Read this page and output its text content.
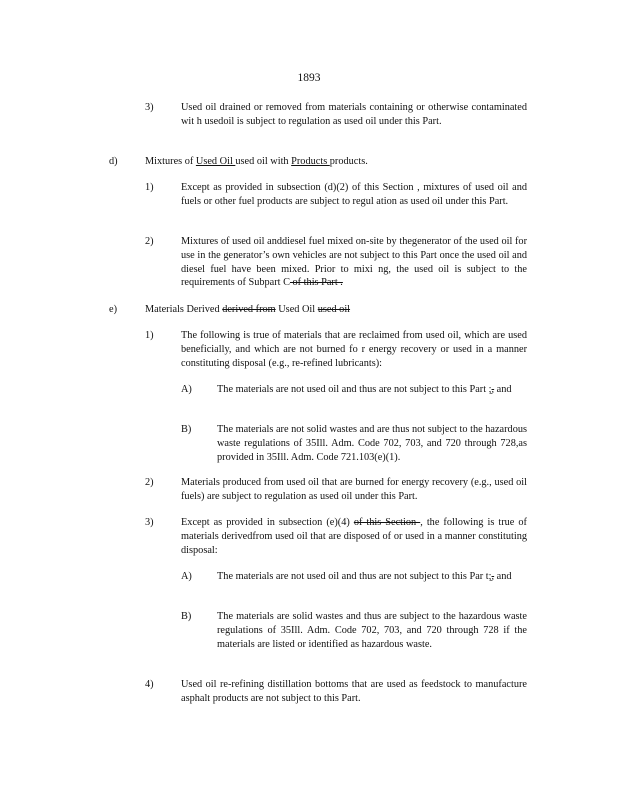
1893
3)	Used oil drained or removed from materials containing or otherwise contaminated wit h usedoil is subject to regulation as used oil under this Part.
d)	Mixtures of Used Oil used oil with Products products.
1)	Except as provided in subsection (d)(2) of this Section , mixtures of used oil and fuels or other fuel products are subject to regul ation as used oil under this Part.
2)	Mixtures of used oil anddiesel fuel mixed on-site by thegenerator of the used oil for use in the generator’s own vehicles are not subject to this Part once the used oil and diesel fuel have been mixed. Prior to mixi ng, the used oil is subject to the requirements of Subpart C of this Part .
e)	Materials Derived derived from Used Oil used oil
1)	The following is true of materials that are reclaimed from used oil, which are used beneficially, and which are not burned fo r energy recovery or used in a manner constituting disposal (e.g., re-refined lubricants):
A) The materials are not used oil and thus are not subject to this Part ;, and
B) The materials are not solid wastes and are thus not subject to the hazardous waste regulations of 35Ill. Adm. Code 702, 703, and 720 through 728,as provided in 35Ill. Adm. Code 721.103(e)(1).
2)	Materials produced from used oil that are burned for energy recovery (e.g., used oil fuels) are subject to regulation as used oil under this Part.
3)	Except as provided in subsection (e)(4) of this Section , the following is true of materials derivedfrom used oil that are disposed of or used in a manner constituting disposal:
A) The materials are not used oil and thus are not subject to this Par t;, and
B) The materials are solid wastes and thus are subject to the hazardous waste regulations of 35Ill. Adm. Code 702, 703, and 720 through 728 if the materials are listed or identified as hazardous waste.
4)	Used oil re-refining distillation bottoms that are used as feedstock to manufacture asphalt products are not subject to this Part.
